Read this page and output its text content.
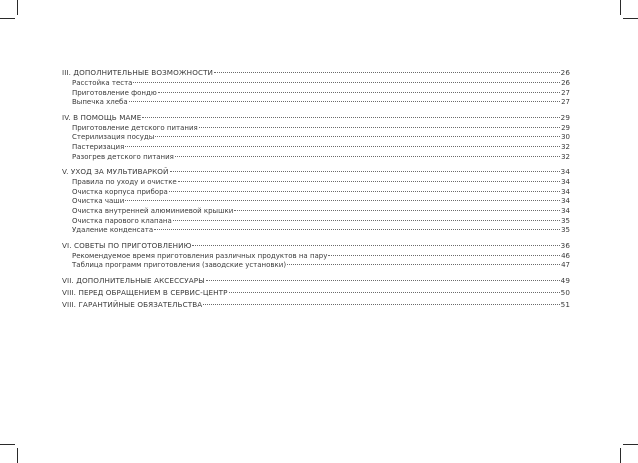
III. ДОПОЛНИТЕЛЬНЫЕ ВОЗМОЖНОСТИ	26
Расстойка теста	26
Приготовление фондю	27
Выпечка хлеба	27
IV. В ПОМОЩЬ МАМЕ	29
Приготовление детского питания	29
Стерилизация посуды	30
Пастеризация	32
Разогрев детского питания	32
V. УХОД ЗА МУЛЬТИВАРКОЙ	34
Правила по уходу и очистке	34
Очистка корпуса прибора	34
Очистка чаши	34
Очистка внутренней алюминиевой крышки	34
Очистка парового клапана	35
Удаление конденсата	35
VI. СОВЕТЫ ПО ПРИГОТОВЛЕНИЮ	36
Рекомендуемое время приготовления различных продуктов на пару	46
Таблица программ приготовления (заводские установки)	47
VII. ДОПОЛНИТЕЛЬНЫЕ АКСЕССУАРЫ	49
VIII. ПЕРЕД ОБРАЩЕНИЕМ В СЕРВИС-ЦЕНТР	50
VIII. ГАРАНТИЙНЫЕ ОБЯЗАТЕЛЬСТВА	51
